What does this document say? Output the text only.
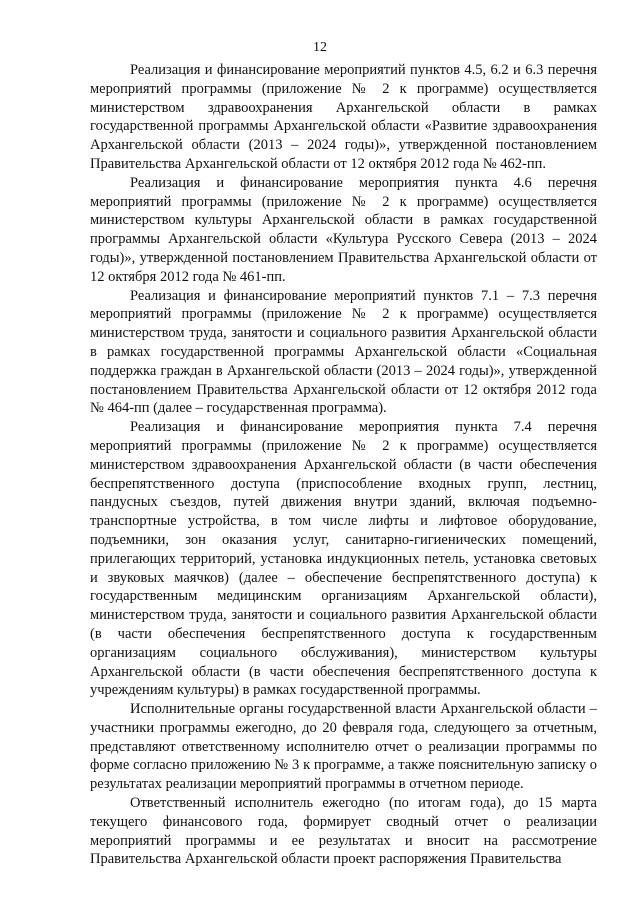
12

Реализация и финансирование мероприятий пунктов 4.5, 6.2 и 6.3 перечня мероприятий программы (приложение № 2 к программе) осуществляется министерством здравоохранения Архангельской области в рамках государственной программы Архангельской области «Развитие здравоохранения Архангельской области (2013 – 2024 годы)», утвержденной постановлением Правительства Архангельской области от 12 октября 2012 года № 462-пп.

Реализация и финансирование мероприятия пункта 4.6 перечня мероприятий программы (приложение № 2 к программе) осуществляется министерством культуры Архангельской области в рамках государственной программы Архангельской области «Культура Русского Севера (2013 – 2024 годы)», утвержденной постановлением Правительства Архангельской области от 12 октября 2012 года № 461-пп.

Реализация и финансирование мероприятий пунктов 7.1 – 7.3 перечня мероприятий программы (приложение № 2 к программе) осуществляется министерством труда, занятости и социального развития Архангельской области в рамках государственной программы Архангельской области «Социальная поддержка граждан в Архангельской области (2013 – 2024 годы)», утвержденной постановлением Правительства Архангельской области от 12 октября 2012 года № 464-пп (далее – государственная программа).

Реализация и финансирование мероприятия пункта 7.4 перечня мероприятий программы (приложение № 2 к программе) осуществляется министерством здравоохранения Архангельской области (в части обеспечения беспрепятственного доступа (приспособление входных групп, лестниц, пандусных съездов, путей движения внутри зданий, включая подъемно-транспортные устройства, в том числе лифты и лифтовое оборудование, подъемники, зон оказания услуг, санитарно-гигиенических помещений, прилегающих территорий, установка индукционных петель, установка световых и звуковых маячков) (далее – обеспечение беспрепятственного доступа) к государственным медицинским организациям Архангельской области), министерством труда, занятости и социального развития Архангельской области (в части обеспечения беспрепятственного доступа к государственным организациям социального обслуживания), министерством культуры Архангельской области (в части обеспечения беспрепятственного доступа к учреждениям культуры) в рамках государственной программы.

Исполнительные органы государственной власти Архангельской области – участники программы ежегодно, до 20 февраля года, следующего за отчетным, представляют ответственному исполнителю отчет о реализации программы по форме согласно приложению № 3 к программе, а также пояснительную записку о результатах реализации мероприятий программы в отчетном периоде.

Ответственный исполнитель ежегодно (по итогам года), до 15 марта текущего финансового года, формирует сводный отчет о реализации мероприятий программы и ее результатах и вносит на рассмотрение Правительства Архангельской области проект распоряжения Правительства
